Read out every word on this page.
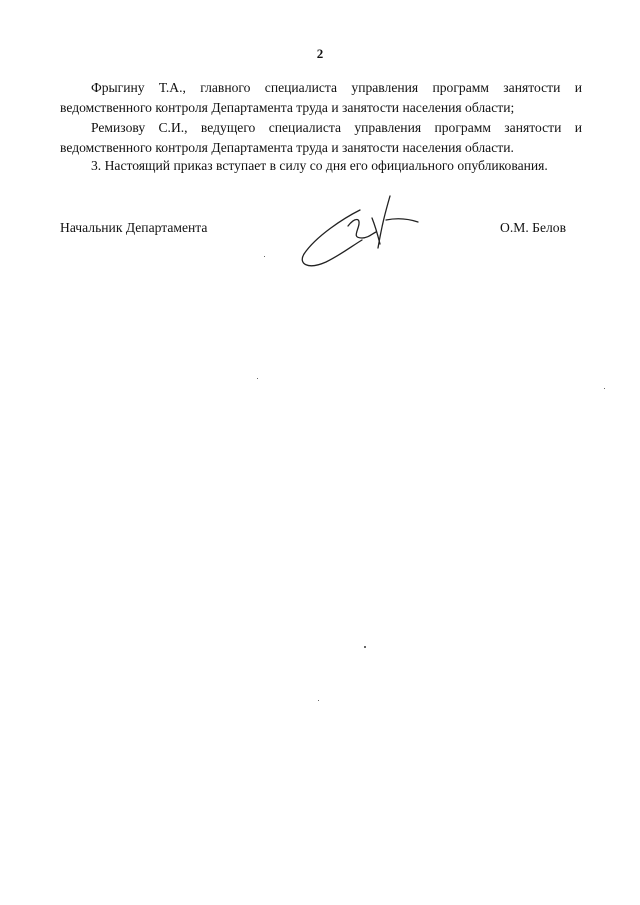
2

Фрыгину Т.А., главного специалиста управления программ занятости и ведомственного контроля Департамента труда и занятости населения области;

Ремизову С.И., ведущего специалиста управления программ занятости и ведомственного контроля Департамента труда и занятости населения области.

3. Настоящий приказ вступает в силу со дня его официального опубликования.

Начальник Департамента	О.М. Белов
